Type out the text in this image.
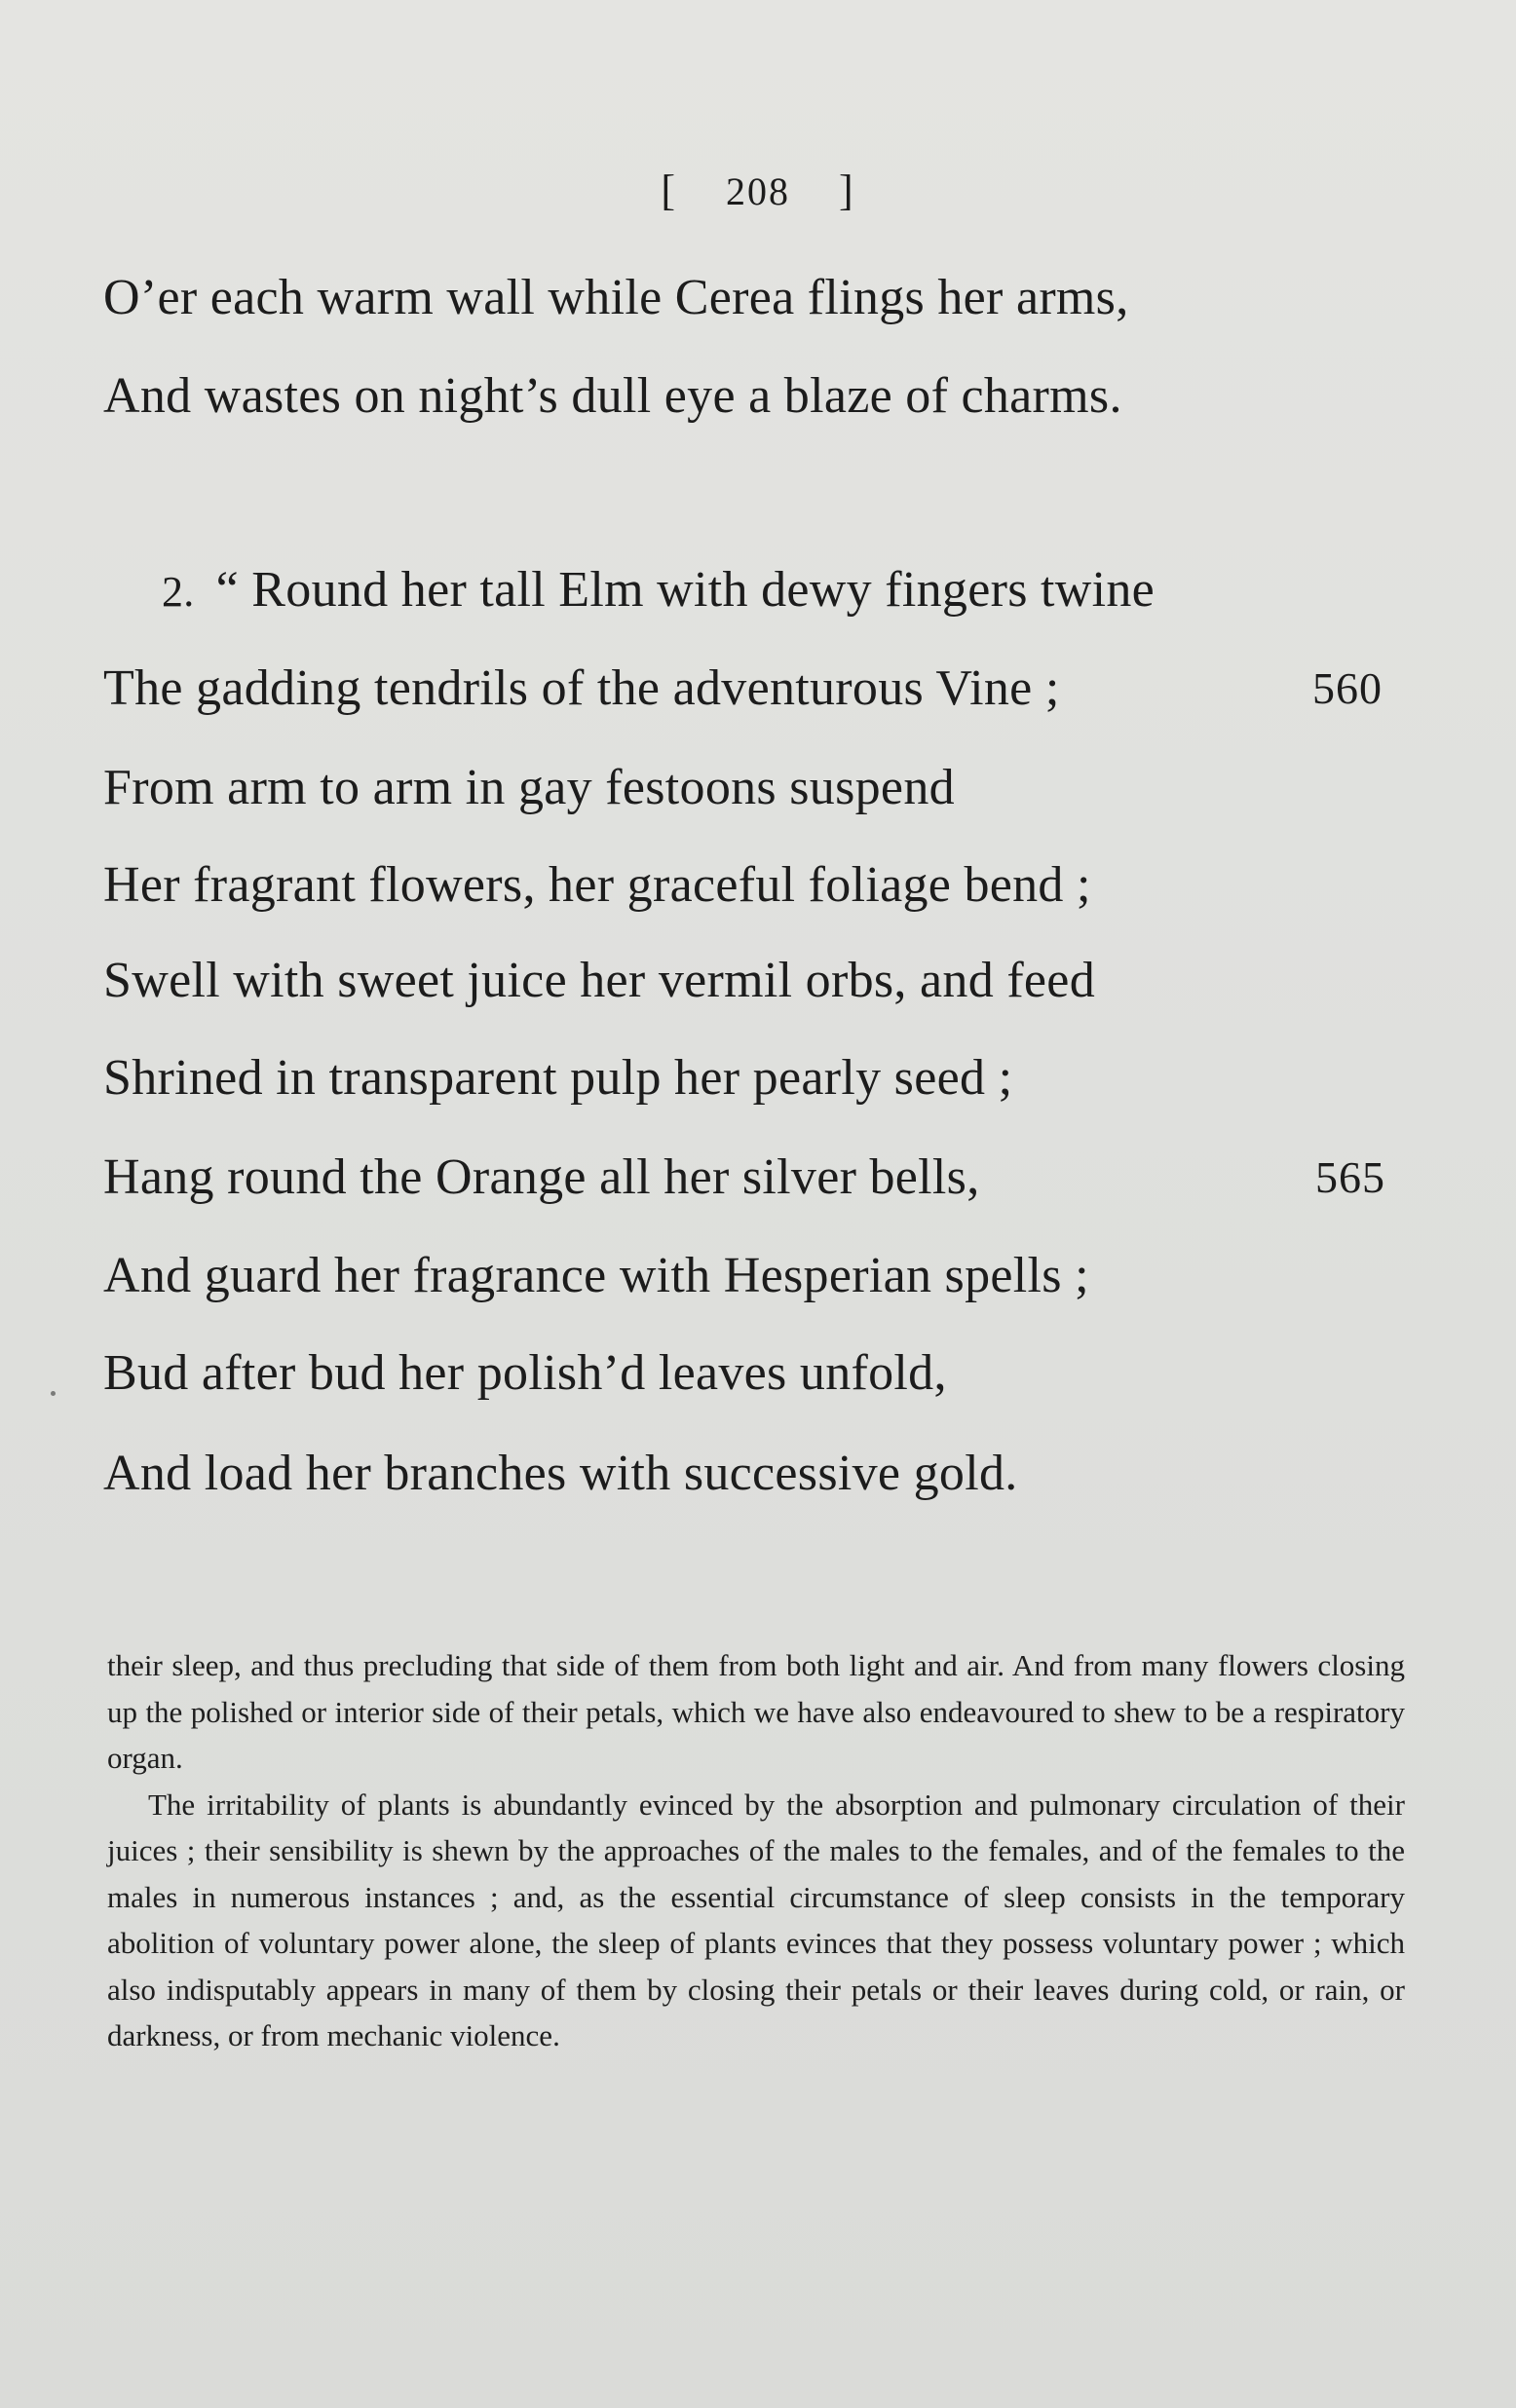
[ 208 ]
O’er each warm wall while Cerea flings her arms,
And wastes on night’s dull eye a blaze of charms.
2. “ Round her tall Elm with dewy fingers twine
The gadding tendrils of the adventurous Vine ;	560
From arm to arm in gay festoons suspend
Her fragrant flowers, her graceful foliage bend ;
Swell with sweet juice her vermil orbs, and feed
Shrined in transparent pulp her pearly seed ;
Hang round the Orange all her silver bells,	565
And guard her fragrance with Hesperian spells ;
Bud after bud her polish’d leaves unfold,
And load her branches with successive gold.

their sleep, and thus precluding that side of them from both light and air. And from many flowers closing up the polished or interior side of their petals, which we have also endeavoured to shew to be a respiratory organ.

The irritability of plants is abundantly evinced by the absorption and pulmonary circulation of their juices ; their sensibility is shewn by the approaches of the males to the females, and of the females to the males in numerous instances ; and, as the essential circumstance of sleep consists in the temporary abolition of voluntary power alone, the sleep of plants evinces that they possess voluntary power ; which also indisputably appears in many of them by closing their petals or their leaves during cold, or rain, or darkness, or from mechanic violence.
